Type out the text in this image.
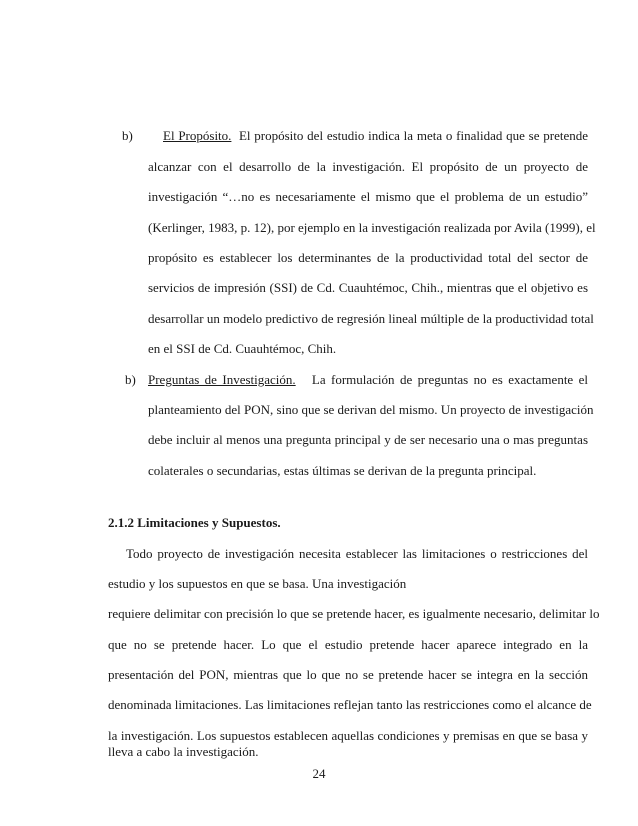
b) El Propósito. El propósito del estudio indica la meta o finalidad que se pretende
alcanzar con el desarrollo de la investigación. El propósito de un proyecto de
investigación “…no es necesariamente el mismo que el problema de un estudio”
(Kerlinger, 1983, p. 12), por ejemplo en la investigación realizada por Avila (1999), el
propósito es establecer los determinantes de la productividad total del sector de
servicios de impresión (SSI) de Cd. Cuauhtémoc, Chih., mientras que el objetivo es
desarrollar un modelo predictivo de regresión lineal múltiple de la productividad total
en el SSI de Cd. Cuauhtémoc, Chih.
b) Preguntas de Investigación. La formulación de preguntas no es exactamente el
planteamiento del PON, sino que se derivan del mismo. Un proyecto de investigación
debe incluir al menos una pregunta principal y de ser necesario una o mas preguntas
colaterales o secundarias, estas últimas se derivan de la pregunta principal.
2.1.2 Limitaciones y Supuestos.
Todo proyecto de investigación necesita establecer las limitaciones o restricciones del
estudio y los supuestos en que se basa. Una investigación
requiere delimitar con precisión lo que se pretende hacer, es igualmente necesario, delimitar lo
que no se pretende hacer. Lo que el estudio pretende hacer aparece integrado en la
presentación del PON, mientras que lo que no se pretende hacer se integra en la sección
denominada limitaciones. Las limitaciones reflejan tanto las restricciones como el alcance de
la investigación. Los supuestos establecen aquellas condiciones y premisas en que se basa y
lleva a cabo la investigación.
24
